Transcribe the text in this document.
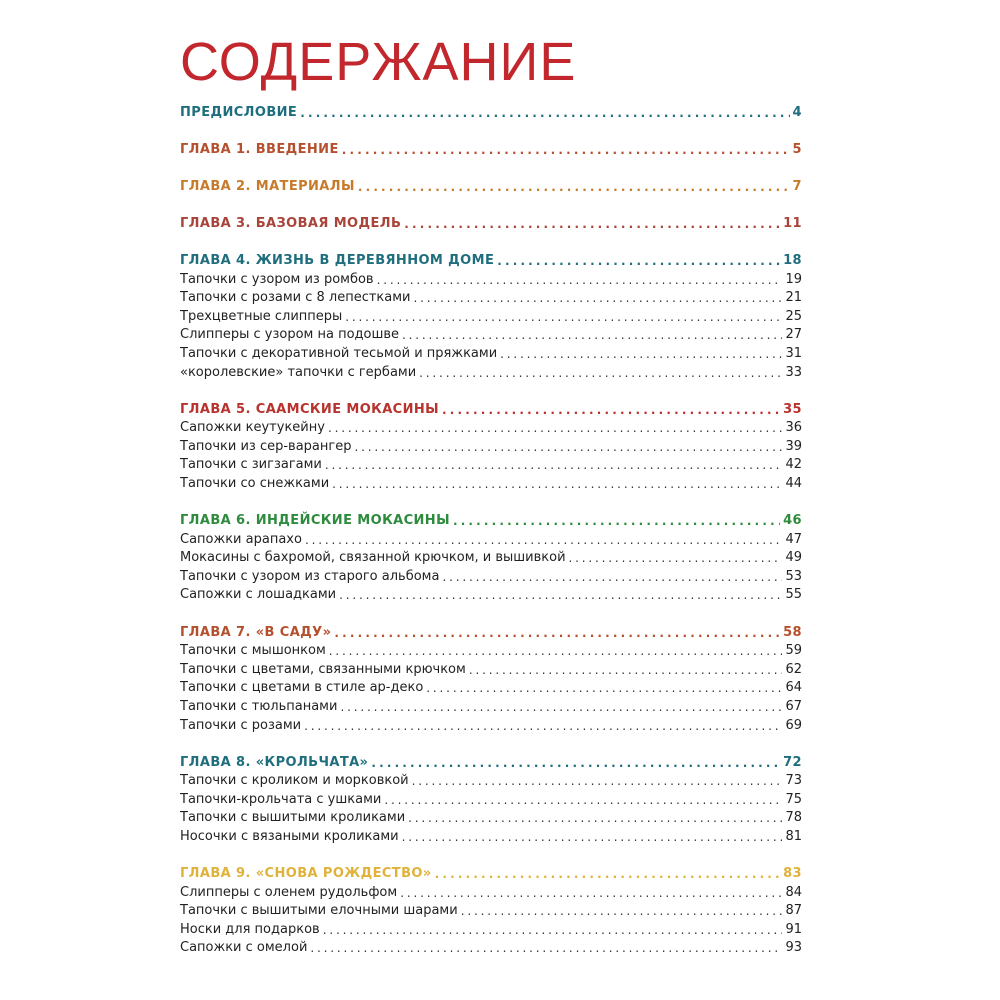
СОДЕРЖАНИЕ
ПРЕДИСЛОВИЕ . . .	4
ГЛАВА 1. ВВЕДЕНИЕ . . .	5
ГЛАВА 2. МАТЕРИАЛЫ . . .	7
ГЛАВА 3. БАЗОВАЯ МОДЕЛЬ . . .	11
ГЛАВА 4. ЖИЗНЬ В ДЕРЕВЯННОМ ДОМЕ . . .	18
Тапочки с узором из ромбов . . .	19
Тапочки с розами с 8 лепестками . . .	21
Трехцветные слипперы . . .	25
Слипперы с узором на подошве . . .	27
Тапочки с декоративной тесьмой и пряжками . . .	31
«королевские» тапочки с гербами . . .	33
ГЛАВА 5. СААМСКИЕ МОКАСИНЫ . . .	35
Сапожки кеутукейну . . .	36
Тапочки из сер-варангер . . .	39
Тапочки с зигзагами . . .	42
Тапочки со снежками . . .	44
ГЛАВА 6. ИНДЕЙСКИЕ МОКАСИНЫ . . .	46
Сапожки арапахо . . .	47
Мокасины с бахромой, связанной крючком, и вышивкой . . .	49
Тапочки с узором из старого альбома . . .	53
Сапожки с лошадками . . .	55
ГЛАВА 7. «В САДУ» . . .	58
Тапочки с мышонком . . .	59
Тапочки с цветами, связанными крючком . . .	62
Тапочки с цветами в стиле ар-деко . . .	64
Тапочки с тюльпанами . . .	67
Тапочки с розами . . .	69
ГЛАВА 8. «КРОЛЬЧАТА» . . .	72
Тапочки с кроликом и морковкой . . .	73
Тапочки-крольчата с ушками . . .	75
Тапочки с вышитыми кроликами . . .	78
Носочки с вязаными кроликами . . .	81
ГЛАВА 9. «СНОВА РОЖДЕСТВО» . . .	83
Слипперы с оленем рудольфом . . .	84
Тапочки с вышитыми елочными шарами . . .	87
Носки для подарков . . .	91
Сапожки с омелой . . .	93
